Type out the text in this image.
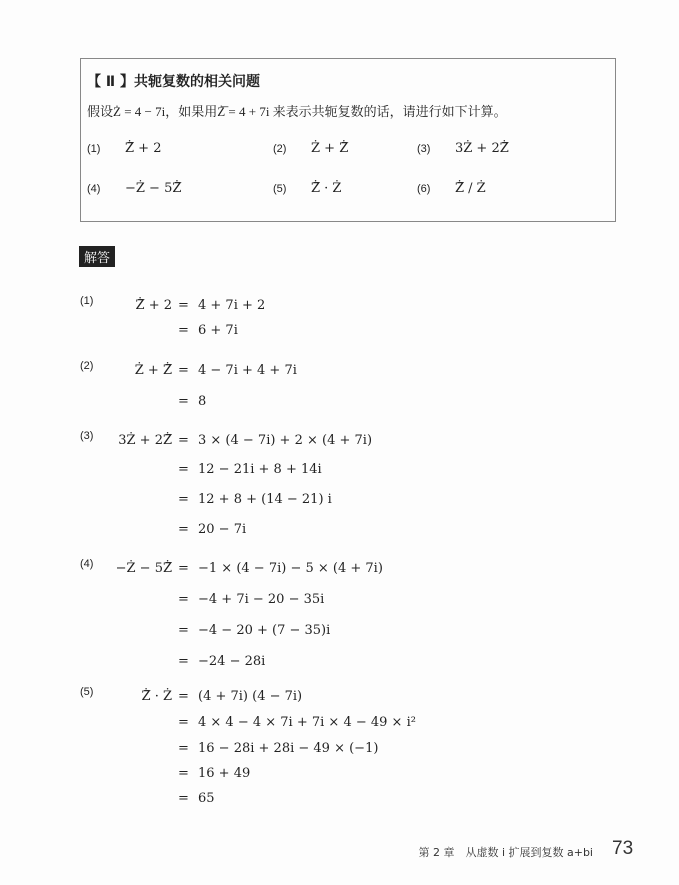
【 Ⅱ 】共轭复数的相关问题
假设Ż = 4 − 7i，如果用Ż̅ = 4 + 7i 来表示共轭复数的话，请进行如下计算。
(1) Ż̅ + 2	(2) Ż + Ż̅	(3) 3Ż + 2Ż̅
(4) −Ż − 5Ż̅	(5) Ż̅ · Ż	(6) Ż̅ / Ż
解答
(1)	Ż̅ + 2 = 4 + 7i + 2
= 6 + 7i
(2)	Ż + Ż̅ = 4 − 7i + 4 + 7i
= 8
(3)	3Ż + 2Ż̅ = 3 × (4 − 7i) + 2 × (4 + 7i)
= 12 − 21i + 8 + 14i
= 12 + 8 + (14 − 21) i
= 20 − 7i
(4)	−Ż − 5Ż̅ = −1 × (4 − 7i) − 5 × (4 + 7i)
= −4 + 7i − 20 − 35i
= −4 − 20 + (7 − 35)i
= −24 − 28i
(5)	Ż̅ · Ż = (4 + 7i) (4 − 7i)
= 4 × 4 − 4 × 7i + 7i × 4 − 49 × i²
= 16 − 28i + 28i − 49 × (−1)
= 16 + 49
= 65
第 2 章　从虚数 i 扩展到复数 a+bi 73
